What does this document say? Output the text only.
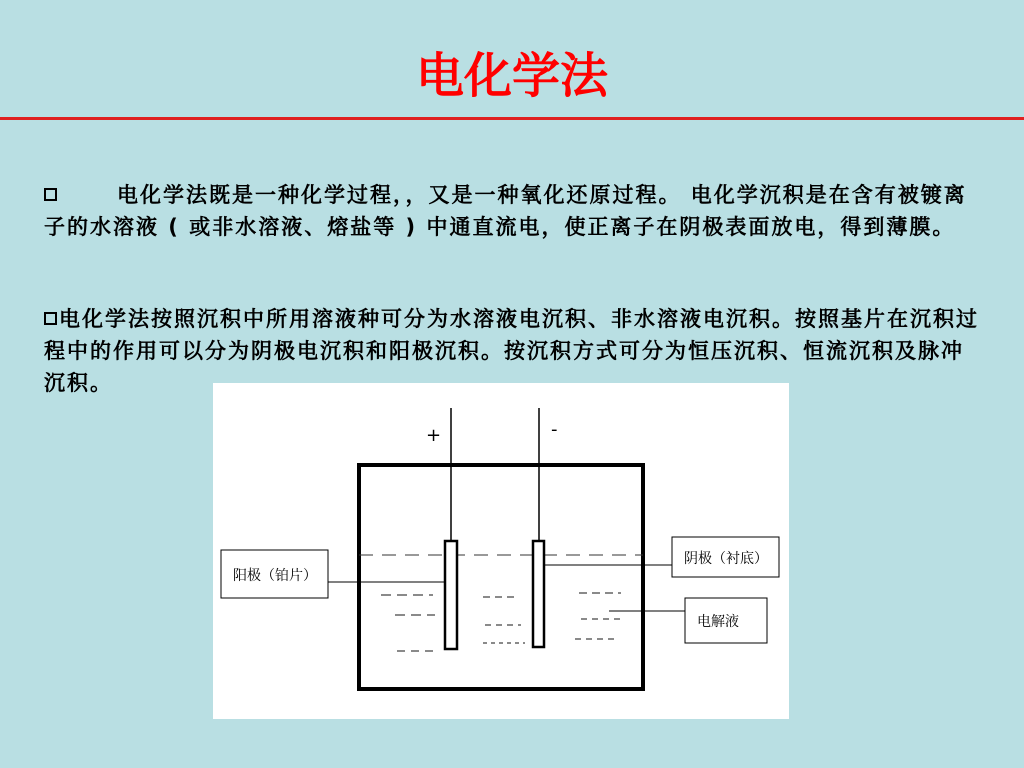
电化学法
电化学法既是一种化学过程，，又是一种氧化还原过程。 电化学沉积是在含有被镀离子的水溶液 ( 或非水溶液、熔盐等 ) 中通直流电，使正离子在阴极表面放电，得到薄膜。
电化学法按照沉积中所用溶液种可分为水溶液电沉积、非水溶液电沉积。按照基片在沉积过程中的作用可以分为阴极电沉积和阳极沉积。按沉积方式可分为恒压沉积、恒流沉积及脉冲沉积。
+	-
阳极（铂片）
阴极（衬底）
电解液
